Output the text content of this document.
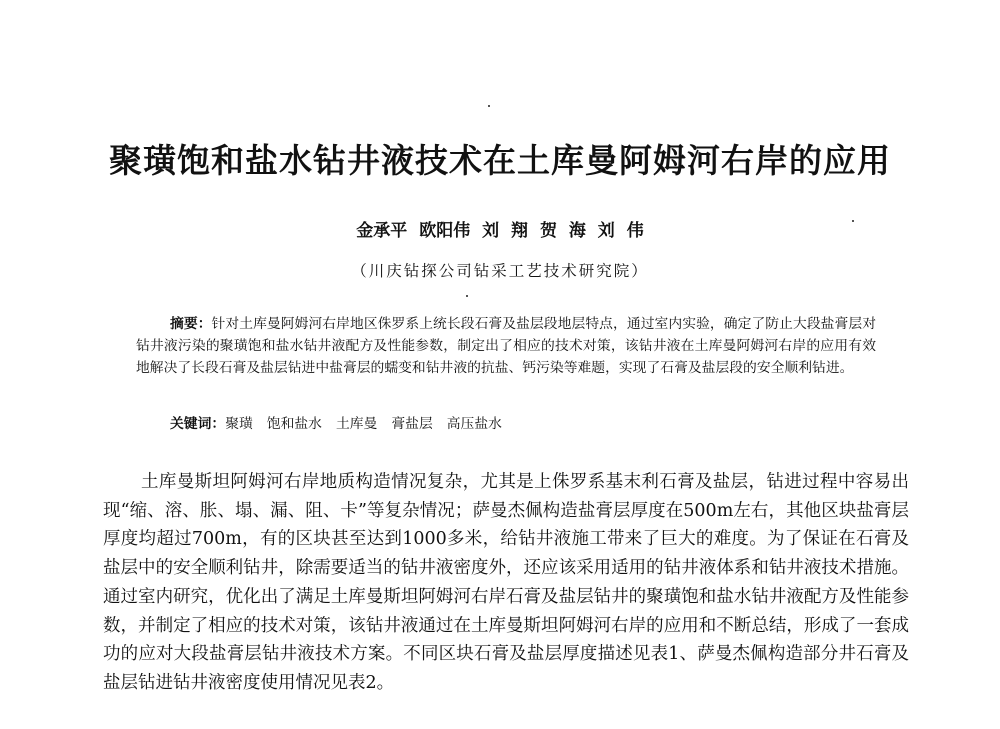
聚璜饱和盐水钻井液技术在土库曼阿姆河右岸的应用
金承平 欧阳伟 刘 翔 贺 海 刘 伟
（川庆钻探公司钻采工艺技术研究院）
摘要：针对土库曼阿姆河右岸地区侏罗系上统长段石膏及盐层段地层特点，通过室内实验，确定了防止大段盐膏层对钻井液污染的聚璜饱和盐水钻井液配方及性能参数，制定出了相应的技术对策，该钻井液在土库曼阿姆河右岸的应用有效地解决了长段石膏及盐层钻进中盐膏层的蠕变和钻井液的抗盐、钙污染等难题，实现了石膏及盐层段的安全顺利钻进。
关键词：聚璜 饱和盐水 土库曼 膏盐层 高压盐水

土库曼斯坦阿姆河右岸地质构造情况复杂，尤其是上侏罗系基末利石膏及盐层，钻进过程中容易出现“缩、溶、胀、塌、漏、阻、卡”等复杂情况；萨曼杰佩构造盐膏层厚度在500m左右，其他区块盐膏层厚度均超过700m，有的区块甚至达到1000多米，给钻井液施工带来了巨大的难度。为了保证在石膏及盐层中的安全顺利钻井，除需要适当的钻井液密度外，还应该采用适用的钻井液体系和钻井液技术措施。通过室内研究，优化出了满足土库曼斯坦阿姆河右岸石膏及盐层钻井的聚璜饱和盐水钻井液配方及性能参数，并制定了相应的技术对策，该钻井液通过在土库曼斯坦阿姆河右岸的应用和不断总结，形成了一套成功的应对大段盐膏层钻井液技术方案。不同区块石膏及盐层厚度描述见表1、萨曼杰佩构造部分井石膏及盐层钻进钻井液密度使用情况见表2。
